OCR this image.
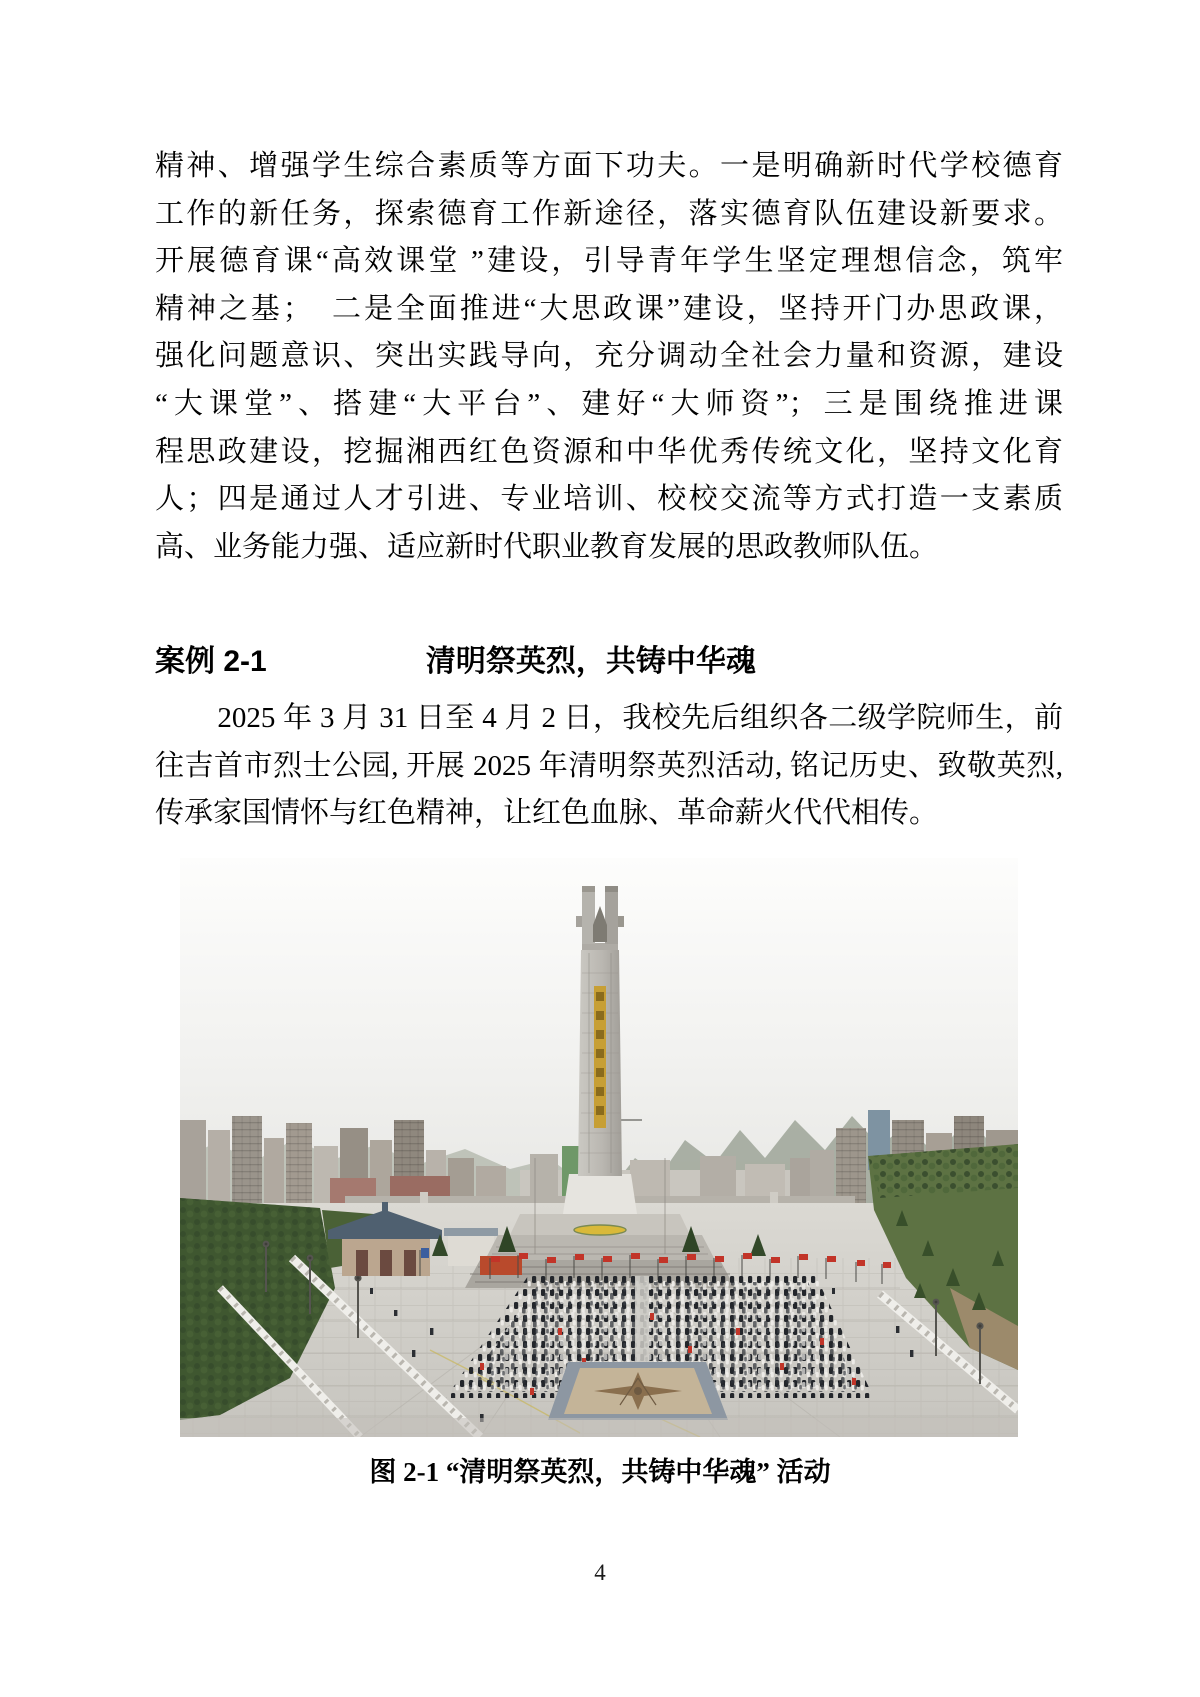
精神、增强学生综合素质等方面下功夫。一是明确新时代学校德育
工作的新任务，探索德育工作新途径，落实德育队伍建设新要求。
开展德育课“高效课堂 ”建设，引导青年学生坚定理想信念，筑牢
精神之基；　二是全面推进“大思政课”建设，坚持开门办思政课，
强化问题意识、突出实践导向，充分调动全社会力量和资源，建设
“大课堂”、搭建“大平台”、建好“大师资”；三是围绕推进课
程思政建设，挖掘湘西红色资源和中华优秀传统文化，坚持文化育
人；四是通过人才引进、专业培训、校校交流等方式打造一支素质
高、业务能力强、适应新时代职业教育发展的思政教师队伍。
案例 2-1	清明祭英烈，共铸中华魂
2025 年 3 月 31 日至 4 月 2 日，我校先后组织各二级学院师生，前
往吉首市烈士公园, 开展 2025 年清明祭英烈活动, 铭记历史、致敬英烈,
传承家国情怀与红色精神，让红色血脉、革命薪火代代相传。
图 2-1 “清明祭英烈，共铸中华魂” 活动
4
